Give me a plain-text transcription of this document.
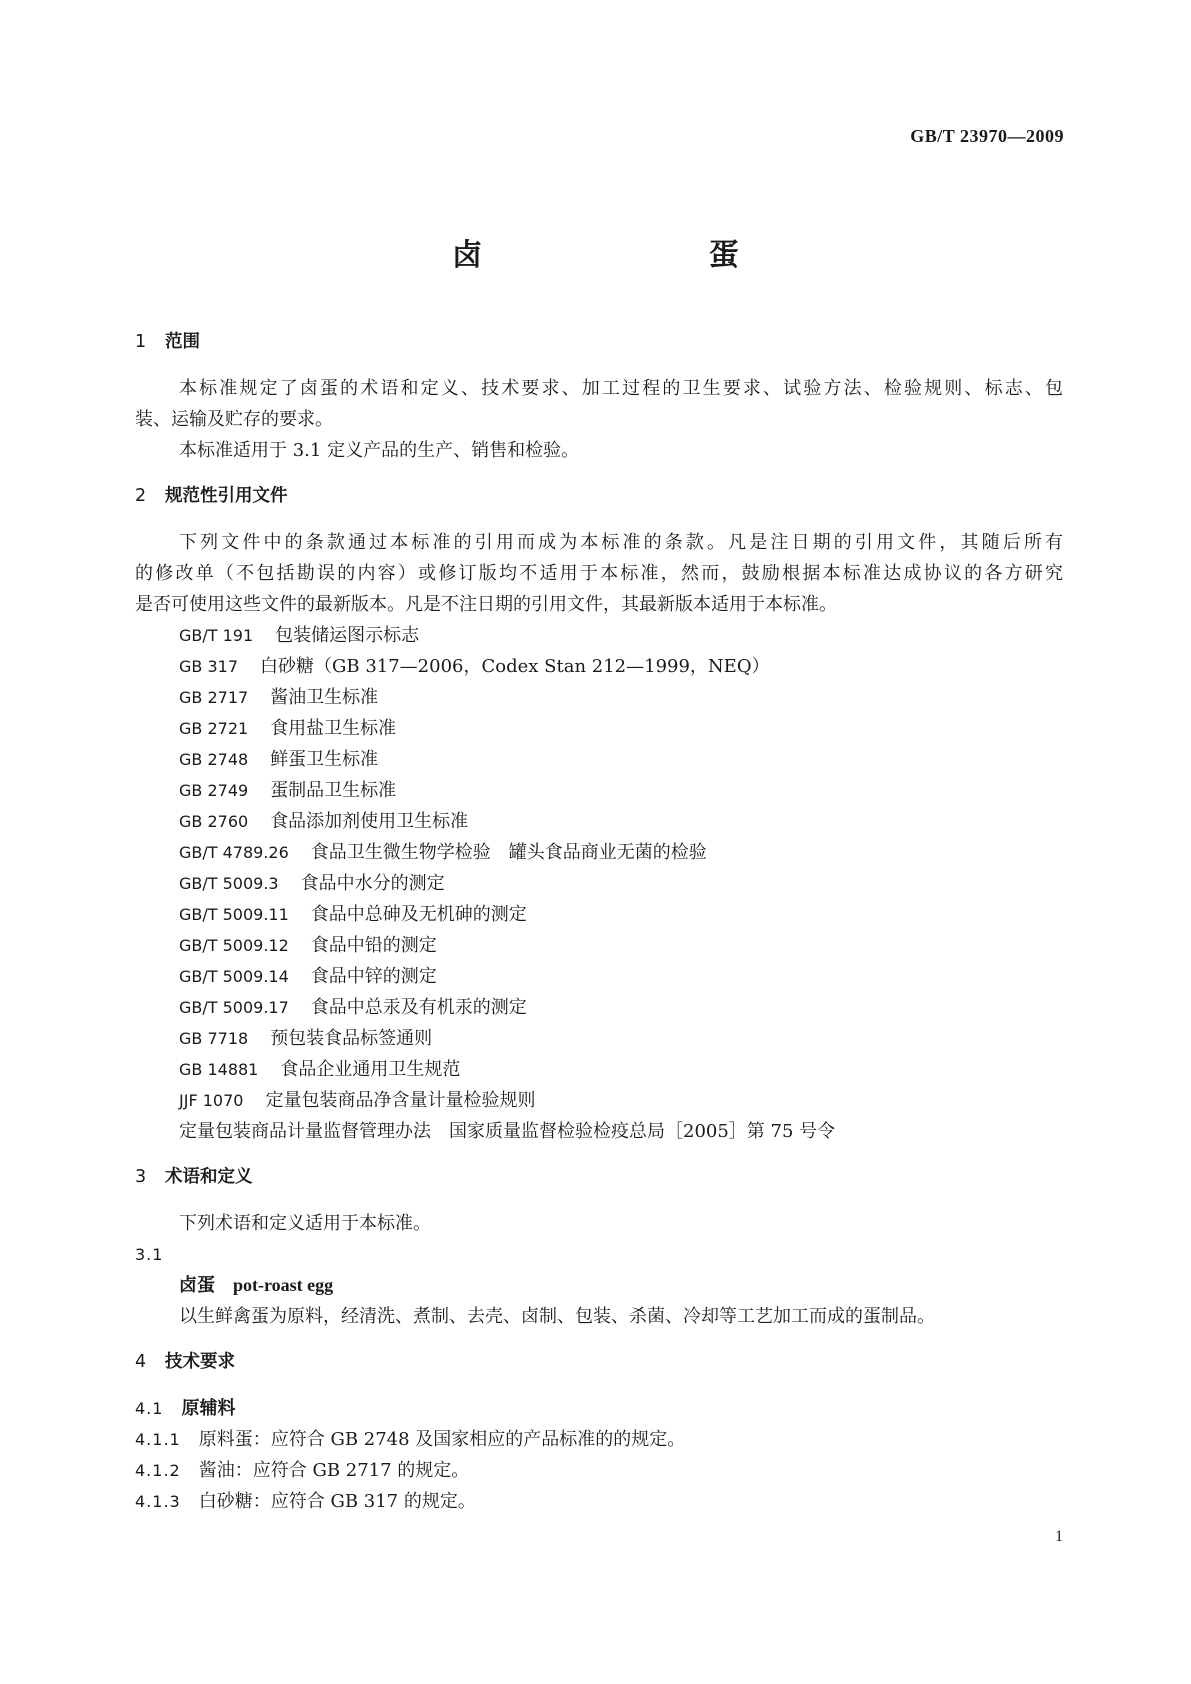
GB/T 23970—2009
卤 蛋
1 范围
本标准规定了卤蛋的术语和定义、技术要求、加工过程的卫生要求、试验方法、检验规则、标志、包
装、运输及贮存的要求。
本标准适用于 3.1 定义产品的生产、销售和检验。
2 规范性引用文件
下列文件中的条款通过本标准的引用而成为本标准的条款。凡是注日期的引用文件，其随后所有
的修改单（不包括勘误的内容）或修订版均不适用于本标准，然而，鼓励根据本标准达成协议的各方研究
是否可使用这些文件的最新版本。凡是不注日期的引用文件，其最新版本适用于本标准。
GB/T 191 包装储运图示标志
GB 317 白砂糖（GB 317—2006，Codex Stan 212—1999，NEQ）
GB 2717 酱油卫生标准
GB 2721 食用盐卫生标准
GB 2748 鲜蛋卫生标准
GB 2749 蛋制品卫生标准
GB 2760 食品添加剂使用卫生标准
GB/T 4789.26 食品卫生微生物学检验　罐头食品商业无菌的检验
GB/T 5009.3 食品中水分的测定
GB/T 5009.11 食品中总砷及无机砷的测定
GB/T 5009.12 食品中铅的测定
GB/T 5009.14 食品中锌的测定
GB/T 5009.17 食品中总汞及有机汞的测定
GB 7718 预包装食品标签通则
GB 14881 食品企业通用卫生规范
JJF 1070 定量包装商品净含量计量检验规则
定量包装商品计量监督管理办法　国家质量监督检验检疫总局［2005］第 75 号令
3 术语和定义
下列术语和定义适用于本标准。
3.1
卤蛋 pot-roast egg
以生鲜禽蛋为原料，经清洗、煮制、去壳、卤制、包装、杀菌、冷却等工艺加工而成的蛋制品。
4 技术要求
4.1 原辅料
4.1.1 原料蛋：应符合 GB 2748 及国家相应的产品标准的的规定。
4.1.2 酱油：应符合 GB 2717 的规定。
4.1.3 白砂糖：应符合 GB 317 的规定。
1
